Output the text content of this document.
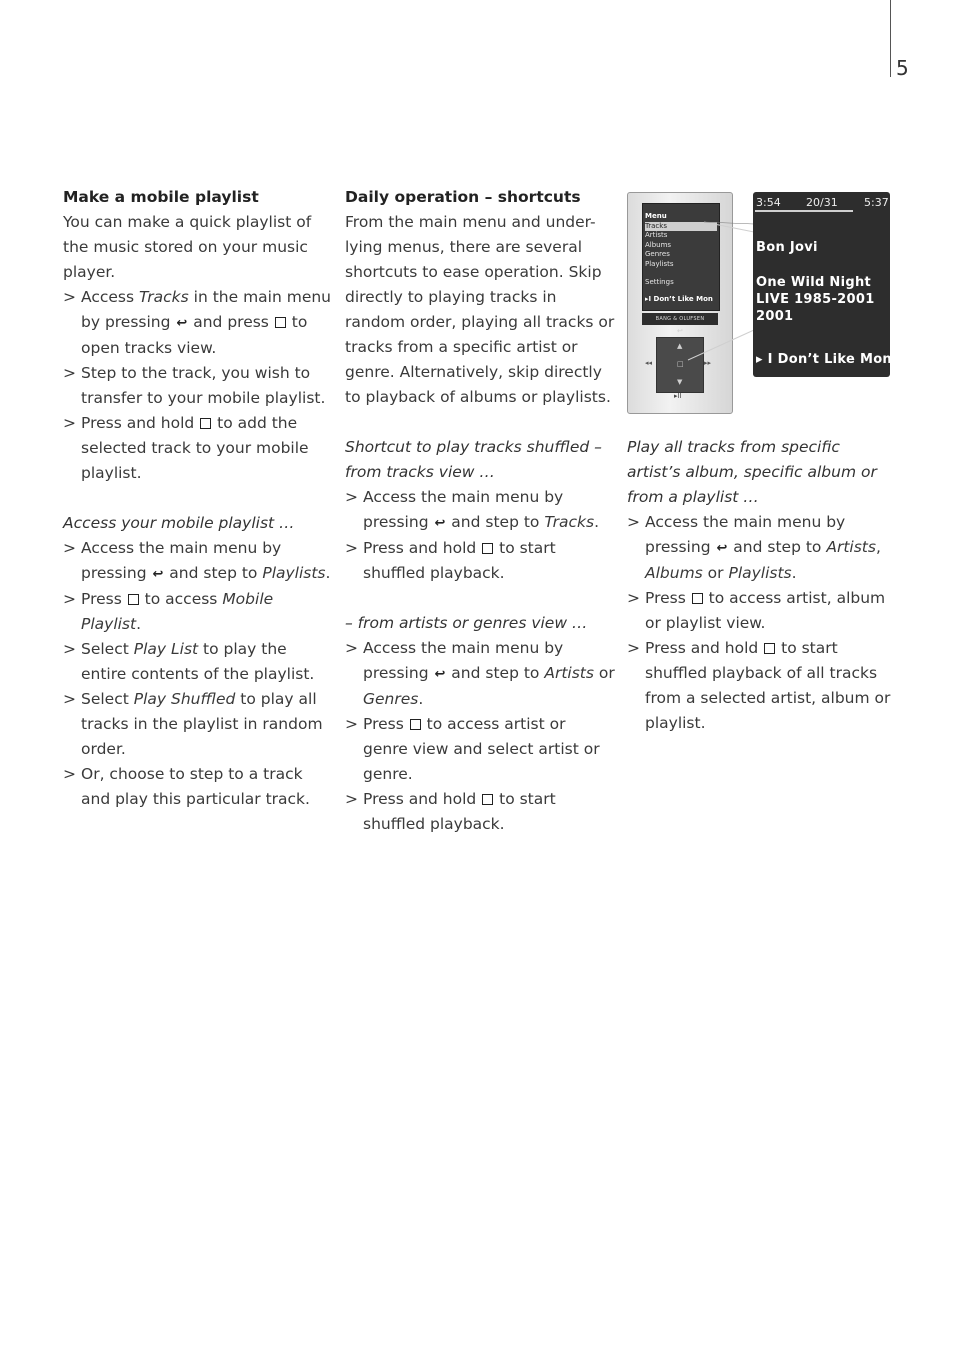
5

Make a mobile playlist

You can make a quick playlist of the music stored on your music player.

> Access Tracks in the main menu by pressing ↩ and press  to open tracks view.
> Step to the track, you wish to transfer to your mobile playlist.
> Press and hold  to add the selected track to your mobile playlist.

Access your mobile playlist …

> Access the main menu by pressing ↩ and step to Playlists.
> Press  to access Mobile Playlist.
> Select Play List to play the entire contents of the playlist.
> Select Play Shuffled to play all tracks in the playlist in random order.
> Or, choose to step to a track and play this particular track.

Daily operation – shortcuts

From the main menu and under-lying menus, there are several shortcuts to ease operation. Skip directly to playing tracks in random order, playing all tracks or tracks from a specific artist or genre. Alternatively, skip directly to playback of albums or playlists.

Shortcut to play tracks shuffled – from tracks view …

> Access the main menu by pressing ↩ and step to Tracks.
> Press and hold  to start shuffled playback.

– from artists or genres view …

> Access the main menu by pressing ↩ and step to Artists or Genres.
> Press  to access artist or genre view and select artist or genre.
> Press and hold  to start shuffled playback.

Play all tracks from specific artist’s album, specific album or from a playlist …

> Access the main menu by pressing ↩ and step to Artists, Albums or Playlists.
> Press  to access artist, album or playlist view.
> Press and hold  to start shuffled playback of all tracks from a selected artist, album or playlist.
Menu
Tracks
Artists
Albums
Genres
Playlists
Settings
▸I Don’t Like Mon
BANG & OLUFSEN
↩
▲
□
▼
◂◂	▸▸
▸II
3:54 20/31 5:37
Bon Jovi
One Wild Night
LIVE 1985-2001
2001
▸ I Don’t Like Mon
